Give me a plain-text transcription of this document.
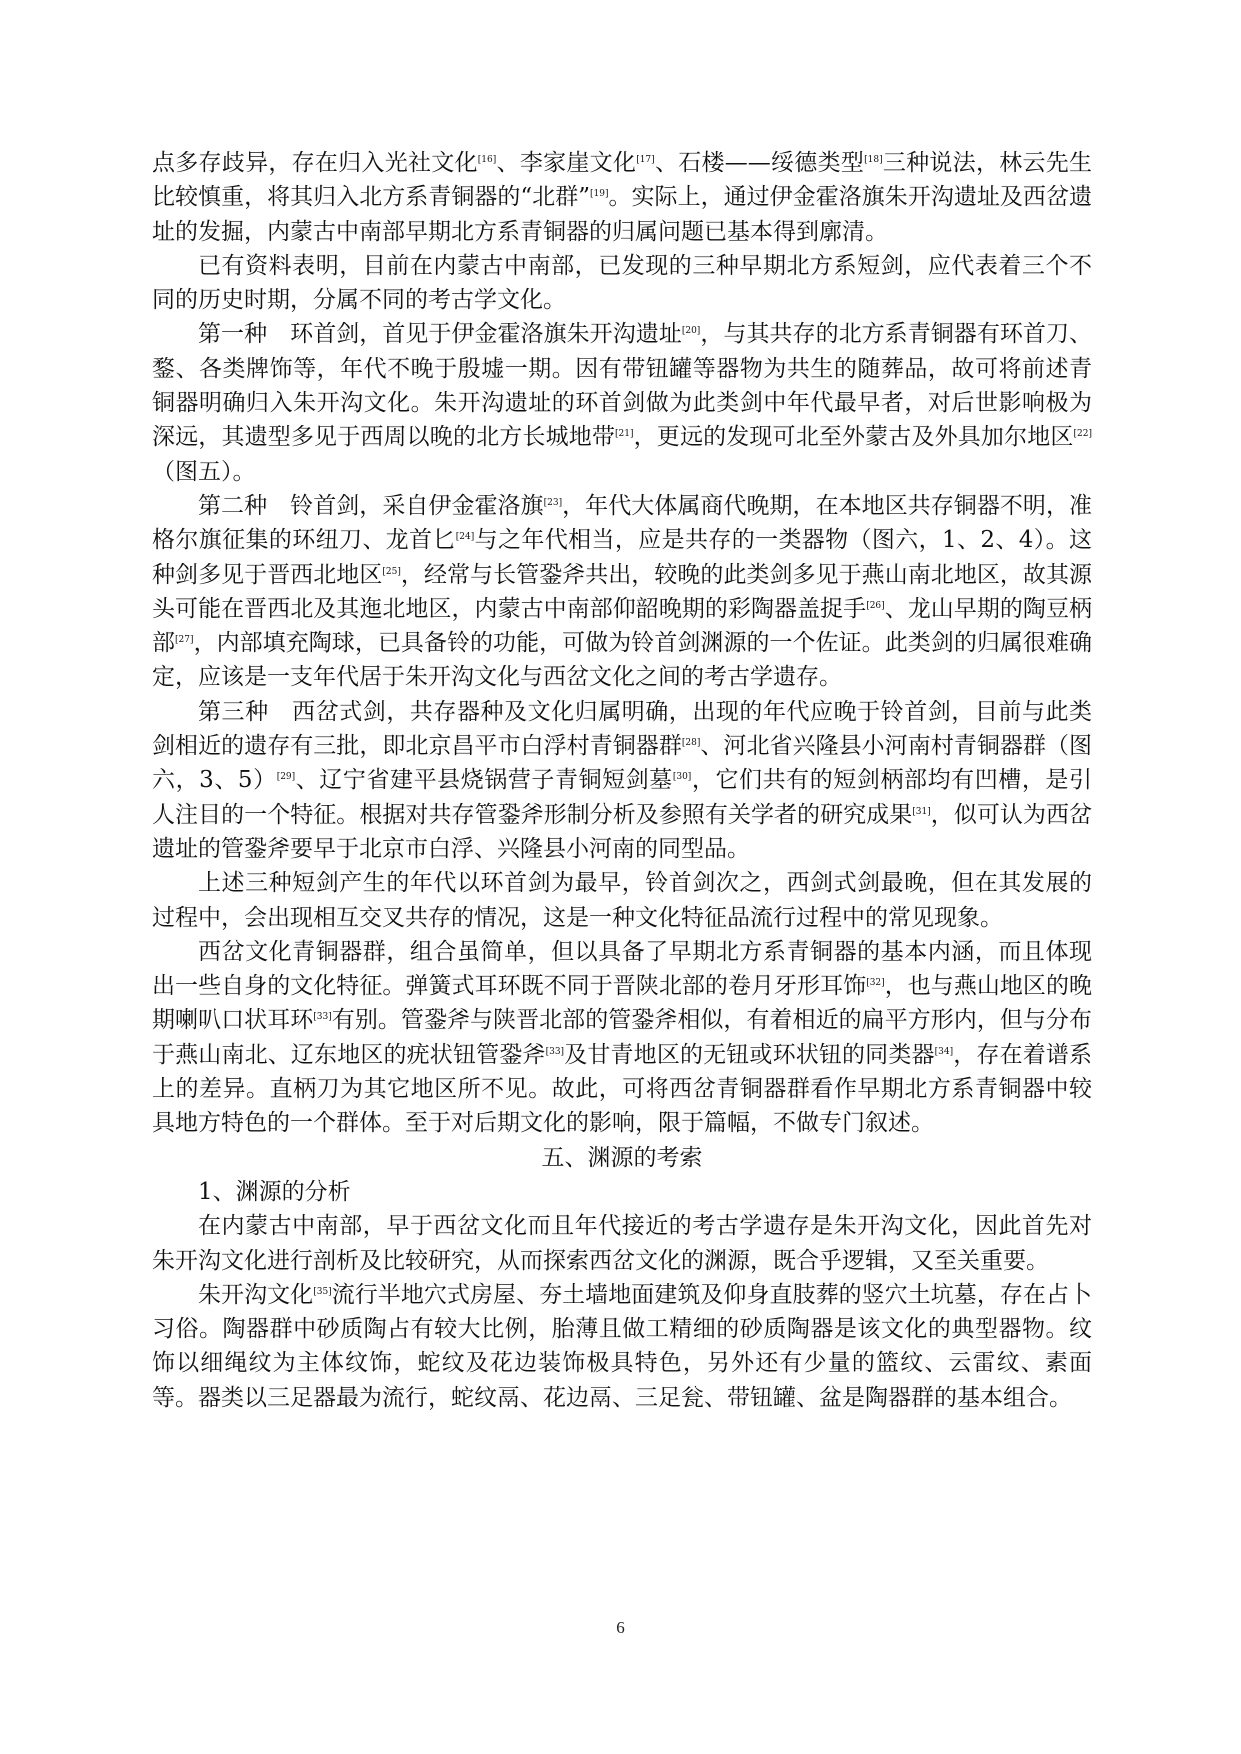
点多存歧异，存在归入光社文化[16]、李家崖文化[17]、石楼——绥德类型[18]三种说法，林云先生比较慎重，将其归入北方系青铜器的“北群”[19]。实际上，通过伊金霍洛旗朱开沟遗址及西岔遗址的发掘，内蒙古中南部早期北方系青铜器的归属问题已基本得到廓清。

已有资料表明，目前在内蒙古中南部，已发现的三种早期北方系短剑，应代表着三个不同的历史时期，分属不同的考古学文化。

第一种　环首剑，首见于伊金霍洛旗朱开沟遗址[20]，与其共存的北方系青铜器有环首刀、鍪、各类牌饰等，年代不晚于殷墟一期。因有带钮罐等器物为共生的随葬品，故可将前述青铜器明确归入朱开沟文化。朱开沟遗址的环首剑做为此类剑中年代最早者，对后世影响极为深远，其遗型多见于西周以晚的北方长城地带[21]，更远的发现可北至外蒙古及外具加尔地区[22]（图五）。

第二种　铃首剑，采自伊金霍洛旗[23]，年代大体属商代晚期，在本地区共存铜器不明，准格尔旗征集的环纽刀、龙首匕[24]与之年代相当，应是共存的一类器物（图六，1、2、4）。这种剑多见于晋西北地区[25]，经常与长管銎斧共出，较晚的此类剑多见于燕山南北地区，故其源头可能在晋西北及其迤北地区，内蒙古中南部仰韶晚期的彩陶器盖捉手[26]、龙山早期的陶豆柄部[27]，内部填充陶球，已具备铃的功能，可做为铃首剑渊源的一个佐证。此类剑的归属很难确定，应该是一支年代居于朱开沟文化与西岔文化之间的考古学遗存。

第三种　西岔式剑，共存器种及文化归属明确，出现的年代应晚于铃首剑，目前与此类剑相近的遗存有三批，即北京昌平市白浮村青铜器群[28]、河北省兴隆县小河南村青铜器群（图六，3、5）[29]、辽宁省建平县烧锅营子青铜短剑墓[30]，它们共有的短剑柄部均有凹槽，是引人注目的一个特征。根据对共存管銎斧形制分析及参照有关学者的研究成果[31]，似可认为西岔遗址的管銎斧要早于北京市白浮、兴隆县小河南的同型品。

上述三种短剑产生的年代以环首剑为最早，铃首剑次之，西剑式剑最晚，但在其发展的过程中，会出现相互交叉共存的情况，这是一种文化特征品流行过程中的常见现象。

西岔文化青铜器群，组合虽简单，但以具备了早期北方系青铜器的基本内涵，而且体现出一些自身的文化特征。弹簧式耳环既不同于晋陕北部的卷月牙形耳饰[32]，也与燕山地区的晚期喇叭口状耳环[33]有别。管銎斧与陕晋北部的管銎斧相似，有着相近的扁平方形内，但与分布于燕山南北、辽东地区的疣状钮管銎斧[33]及甘青地区的无钮或环状钮的同类器[34]，存在着谱系上的差异。直柄刀为其它地区所不见。故此，可将西岔青铜器群看作早期北方系青铜器中较具地方特色的一个群体。至于对后期文化的影响，限于篇幅，不做专门叙述。

五、渊源的考索

1、渊源的分析

在内蒙古中南部，早于西岔文化而且年代接近的考古学遗存是朱开沟文化，因此首先对朱开沟文化进行剖析及比较研究，从而探索西岔文化的渊源，既合乎逻辑，又至关重要。

朱开沟文化[35]流行半地穴式房屋、夯土墙地面建筑及仰身直肢葬的竖穴土坑墓，存在占卜习俗。陶器群中砂质陶占有较大比例，胎薄且做工精细的砂质陶器是该文化的典型器物。纹饰以细绳纹为主体纹饰，蛇纹及花边装饰极具特色，另外还有少量的篮纹、云雷纹、素面等。器类以三足器最为流行，蛇纹鬲、花边鬲、三足瓮、带钮罐、盆是陶器群的基本组合。

6
